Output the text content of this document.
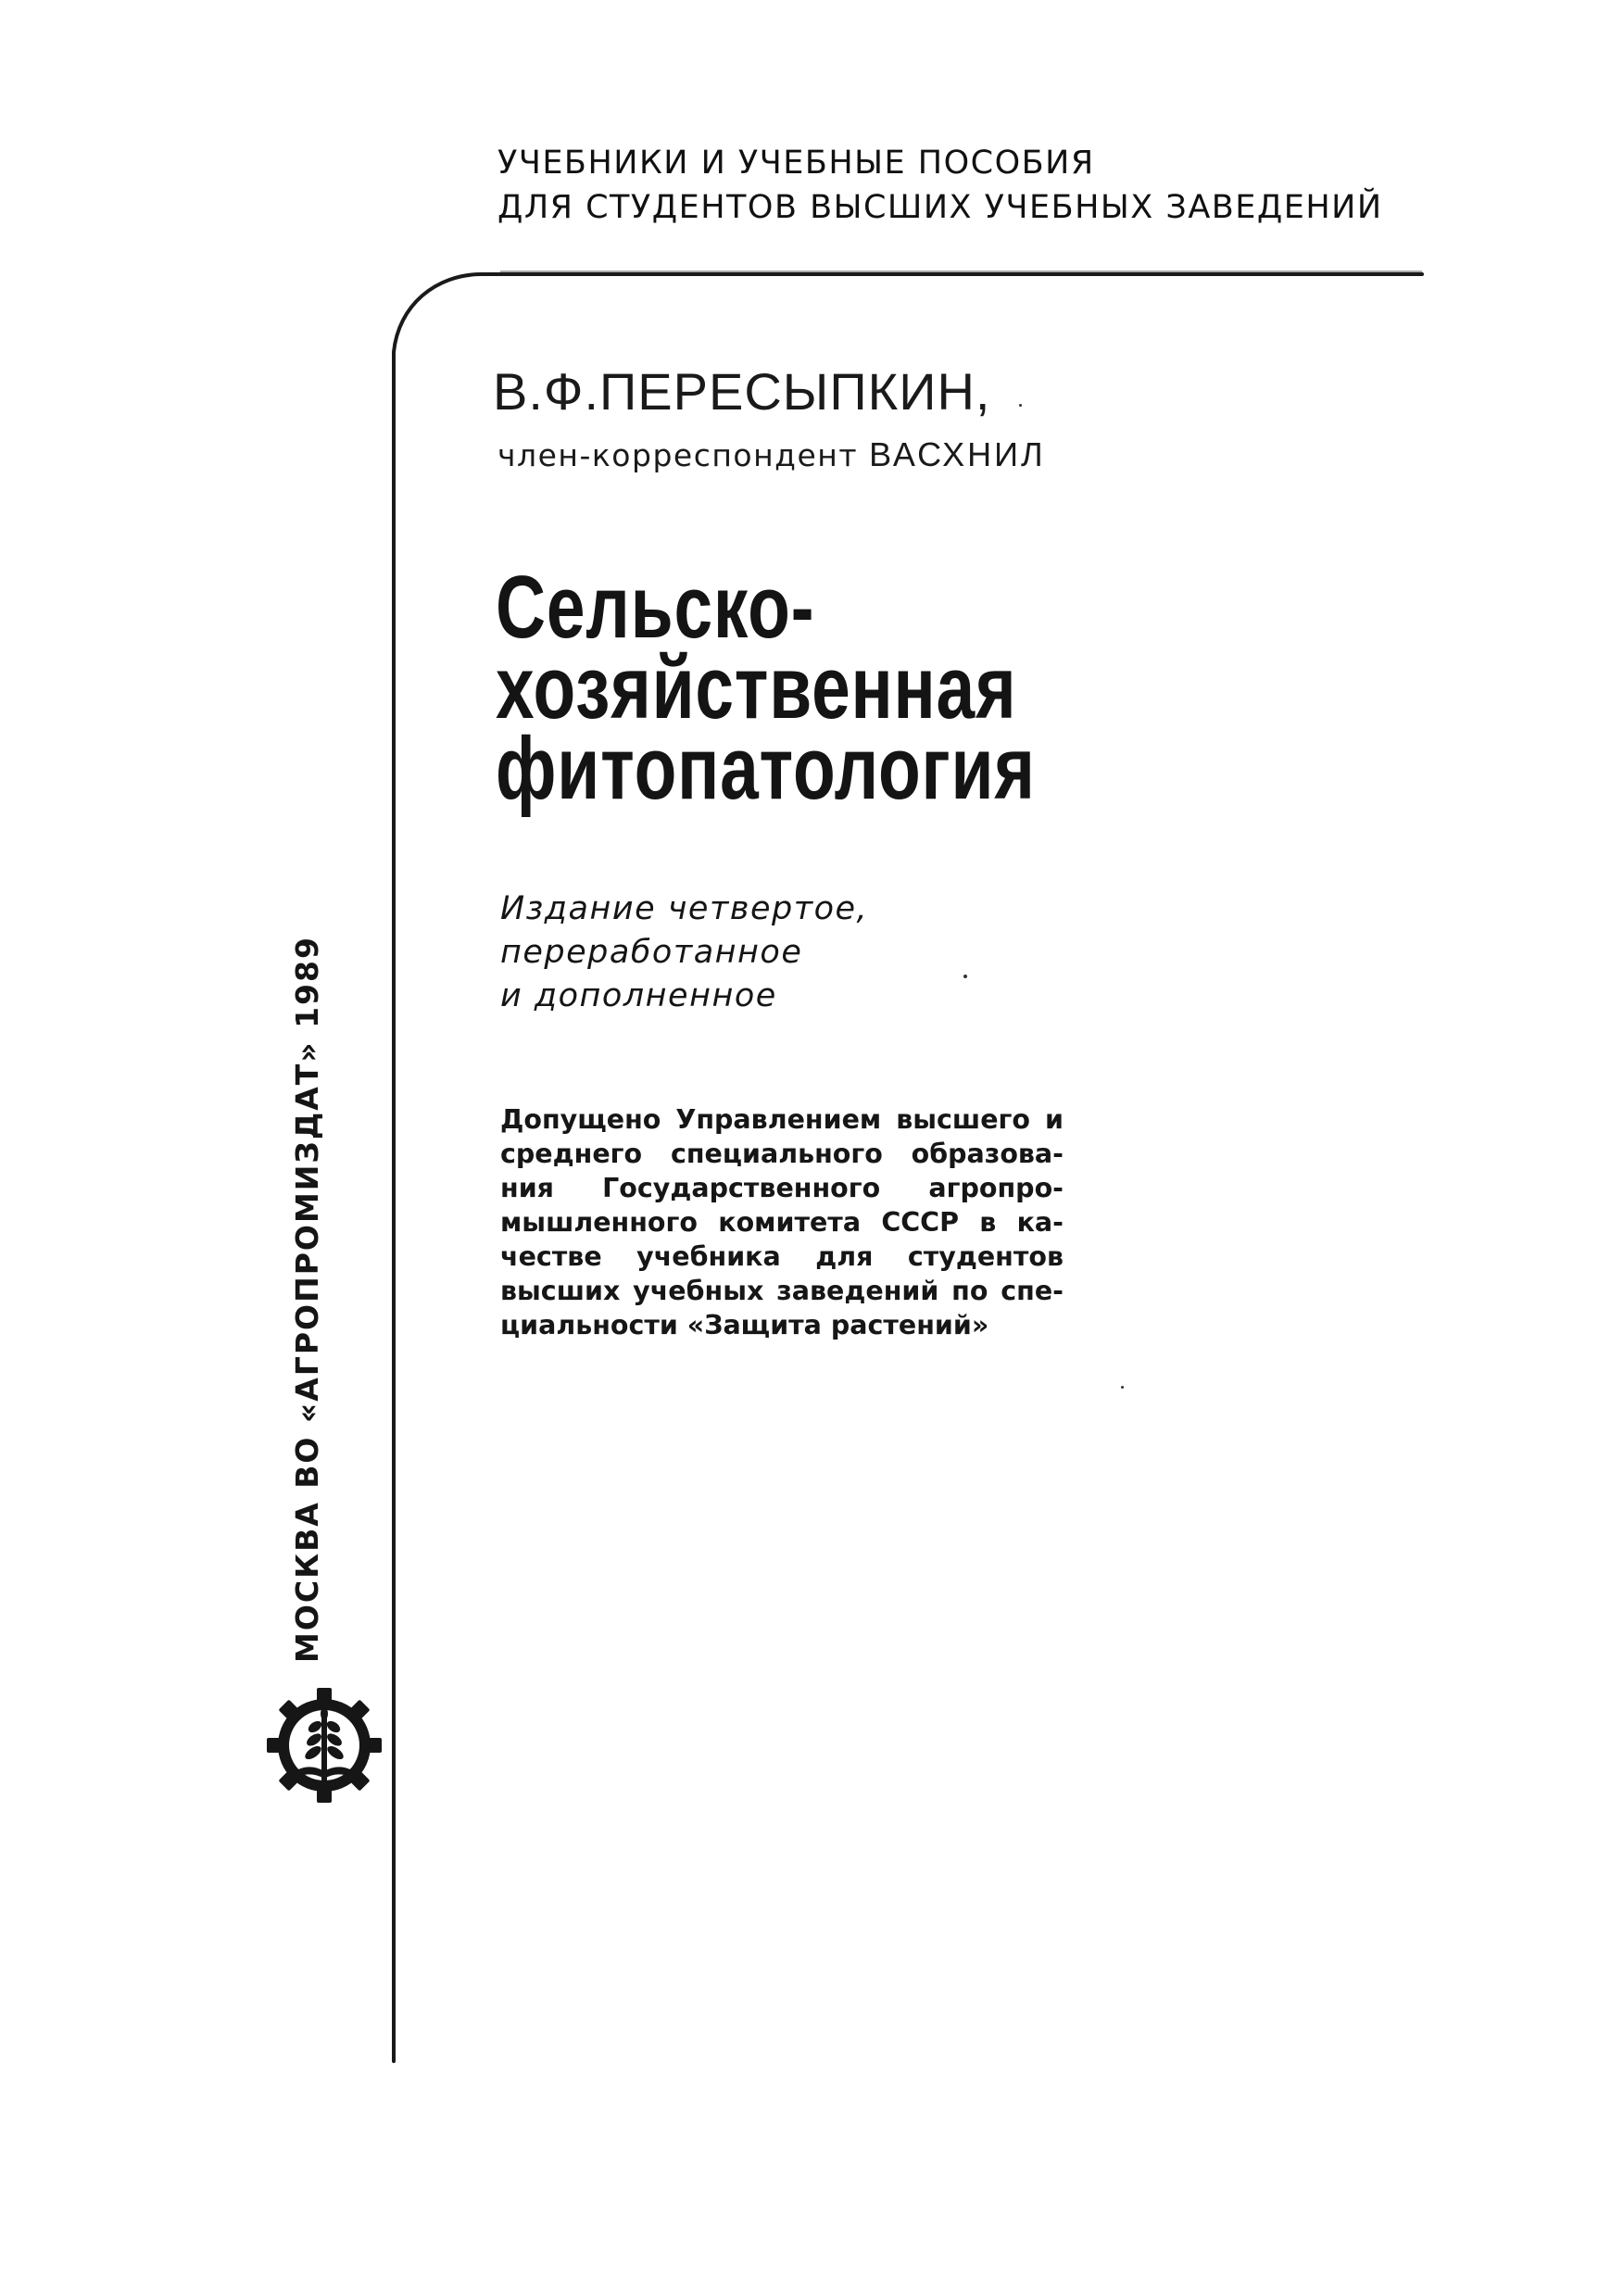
УЧЕБНИКИ И УЧЕБНЫЕ ПОСОБИЯ
ДЛЯ СТУДЕНТОВ ВЫСШИХ УЧЕБНЫХ ЗАВЕДЕНИЙ
В.Ф.ПЕРЕСЫПКИН,
член-корреспондент ВАСХНИЛ
Сельско-
хозяйственная
фитопатология
Издание четвертое,
переработанное
и дополненное
Допущено Управлением высшего и
среднего специального образова-
ния Государственного агропро-
мышленного комитета СССР в ка-
честве учебника для студентов
высших учебных заведений по спе-
циальности «Защита растений»
МОСКВА ВО «АГРОПРОМИЗДАТ» 1989
